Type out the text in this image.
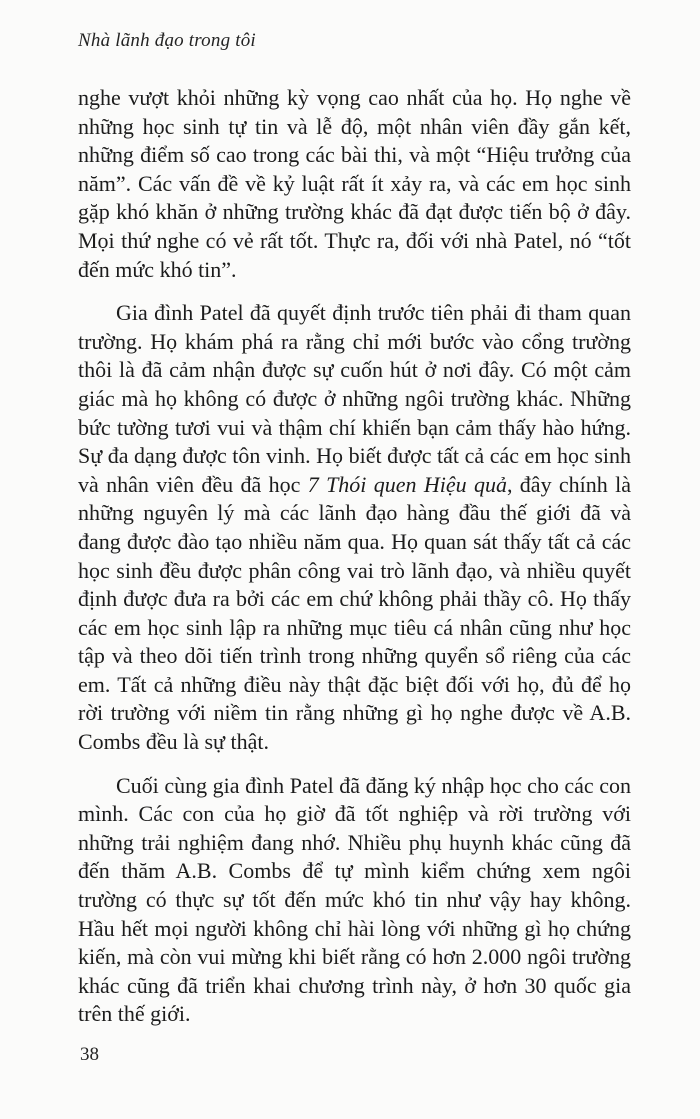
Nhà lãnh đạo trong tôi

nghe vượt khỏi những kỳ vọng cao nhất của họ. Họ nghe về những học sinh tự tin và lễ độ, một nhân viên đầy gắn kết, những điểm số cao trong các bài thi, và một “Hiệu trưởng của năm”. Các vấn đề về kỷ luật rất ít xảy ra, và các em học sinh gặp khó khăn ở những trường khác đã đạt được tiến bộ ở đây. Mọi thứ nghe có vẻ rất tốt. Thực ra, đối với nhà Patel, nó “tốt đến mức khó tin”.

Gia đình Patel đã quyết định trước tiên phải đi tham quan trường. Họ khám phá ra rằng chỉ mới bước vào cổng trường thôi là đã cảm nhận được sự cuốn hút ở nơi đây. Có một cảm giác mà họ không có được ở những ngôi trường khác. Những bức tường tươi vui và thậm chí khiến bạn cảm thấy hào hứng. Sự đa dạng được tôn vinh. Họ biết được tất cả các em học sinh và nhân viên đều đã học 7 Thói quen Hiệu quả, đây chính là những nguyên lý mà các lãnh đạo hàng đầu thế giới đã và đang được đào tạo nhiều năm qua. Họ quan sát thấy tất cả các học sinh đều được phân công vai trò lãnh đạo, và nhiều quyết định được đưa ra bởi các em chứ không phải thầy cô. Họ thấy các em học sinh lập ra những mục tiêu cá nhân cũng như học tập và theo dõi tiến trình trong những quyển sổ riêng của các em. Tất cả những điều này thật đặc biệt đối với họ, đủ để họ rời trường với niềm tin rằng những gì họ nghe được về A.B. Combs đều là sự thật.

Cuối cùng gia đình Patel đã đăng ký nhập học cho các con mình. Các con của họ giờ đã tốt nghiệp và rời trường với những trải nghiệm đang nhớ. Nhiều phụ huynh khác cũng đã đến thăm A.B. Combs để tự mình kiểm chứng xem ngôi trường có thực sự tốt đến mức khó tin như vậy hay không. Hầu hết mọi người không chỉ hài lòng với những gì họ chứng kiến, mà còn vui mừng khi biết rằng có hơn 2.000 ngôi trường khác cũng đã triển khai chương trình này, ở hơn 30 quốc gia trên thế giới.

38
